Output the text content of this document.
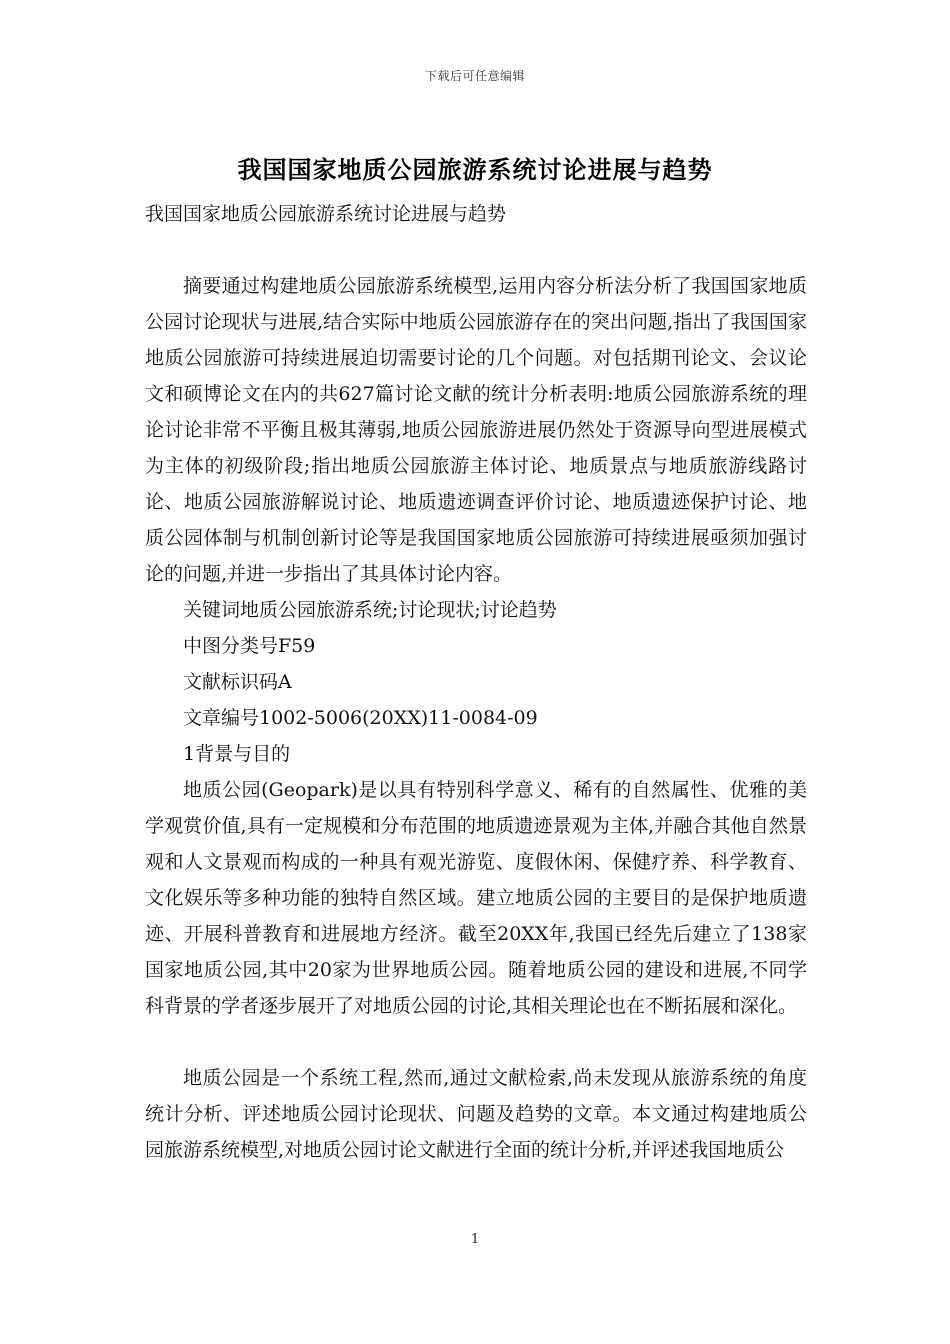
下载后可任意编辑
我国国家地质公园旅游系统讨论进展与趋势

我国国家地质公园旅游系统讨论进展与趋势

摘要通过构建地质公园旅游系统模型,运用内容分析法分析了我国国家地质公园讨论现状与进展,结合实际中地质公园旅游存在的突出问题,指出了我国国家地质公园旅游可持续进展迫切需要讨论的几个问题。对包括期刊论文、会议论文和硕博论文在内的共627篇讨论文献的统计分析表明:地质公园旅游系统的理论讨论非常不平衡且极其薄弱,地质公园旅游进展仍然处于资源导向型进展模式为主体的初级阶段;指出地质公园旅游主体讨论、地质景点与地质旅游线路讨论、地质公园旅游解说讨论、地质遗迹调查评价讨论、地质遗迹保护讨论、地质公园体制与机制创新讨论等是我国国家地质公园旅游可持续进展亟须加强讨论的问题,并进一步指出了其具体讨论内容。

关键词地质公园旅游系统;讨论现状;讨论趋势

中图分类号F59

文献标识码A

文章编号1002-5006(20XX)11-0084-09

1背景与目的

地质公园(Geopark)是以具有特别科学意义、稀有的自然属性、优雅的美学观赏价值,具有一定规模和分布范围的地质遗迹景观为主体,并融合其他自然景观和人文景观而构成的一种具有观光游览、度假休闲、保健疗养、科学教育、文化娱乐等多种功能的独特自然区域。建立地质公园的主要目的是保护地质遗迹、开展科普教育和进展地方经济。截至20XX年,我国已经先后建立了138家国家地质公园,其中20家为世界地质公园。随着地质公园的建设和进展,不同学科背景的学者逐步展开了对地质公园的讨论,其相关理论也在不断拓展和深化。

地质公园是一个系统工程,然而,通过文献检索,尚未发现从旅游系统的角度统计分析、评述地质公园讨论现状、问题及趋势的文章。本文通过构建地质公园旅游系统模型,对地质公园讨论文献进行全面的统计分析,并评述我国地质公

1
